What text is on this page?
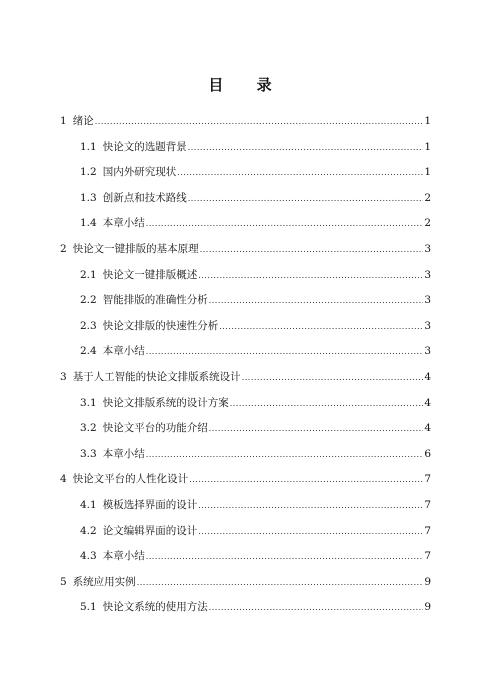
目 录
1 绪论 .....	1
1.1 快论文的选题背景 .....	1
1.2 国内外研究现状 .....	1
1.3 创新点和技术路线 .....	2
1.4 本章小结 .....	2
2 快论文一键排版的基本原理 .....	3
2.1 快论文一键排版概述 .....	3
2.2 智能排版的准确性分析 .....	3
2.3 快论文排版的快速性分析 .....	3
2.4 本章小结 .....	3
3 基于人工智能的快论文排版系统设计 .....	4
3.1 快论文排版系统的设计方案 .....	4
3.2 快论文平台的功能介绍 .....	4
3.3 本章小结 .....	6
4 快论文平台的人性化设计 .....	7
4.1 模板选择界面的设计 .....	7
4.2 论文编辑界面的设计 .....	7
4.3 本章小结 .....	7
5 系统应用实例 .....	9
5.1 快论文系统的使用方法 .....	9
